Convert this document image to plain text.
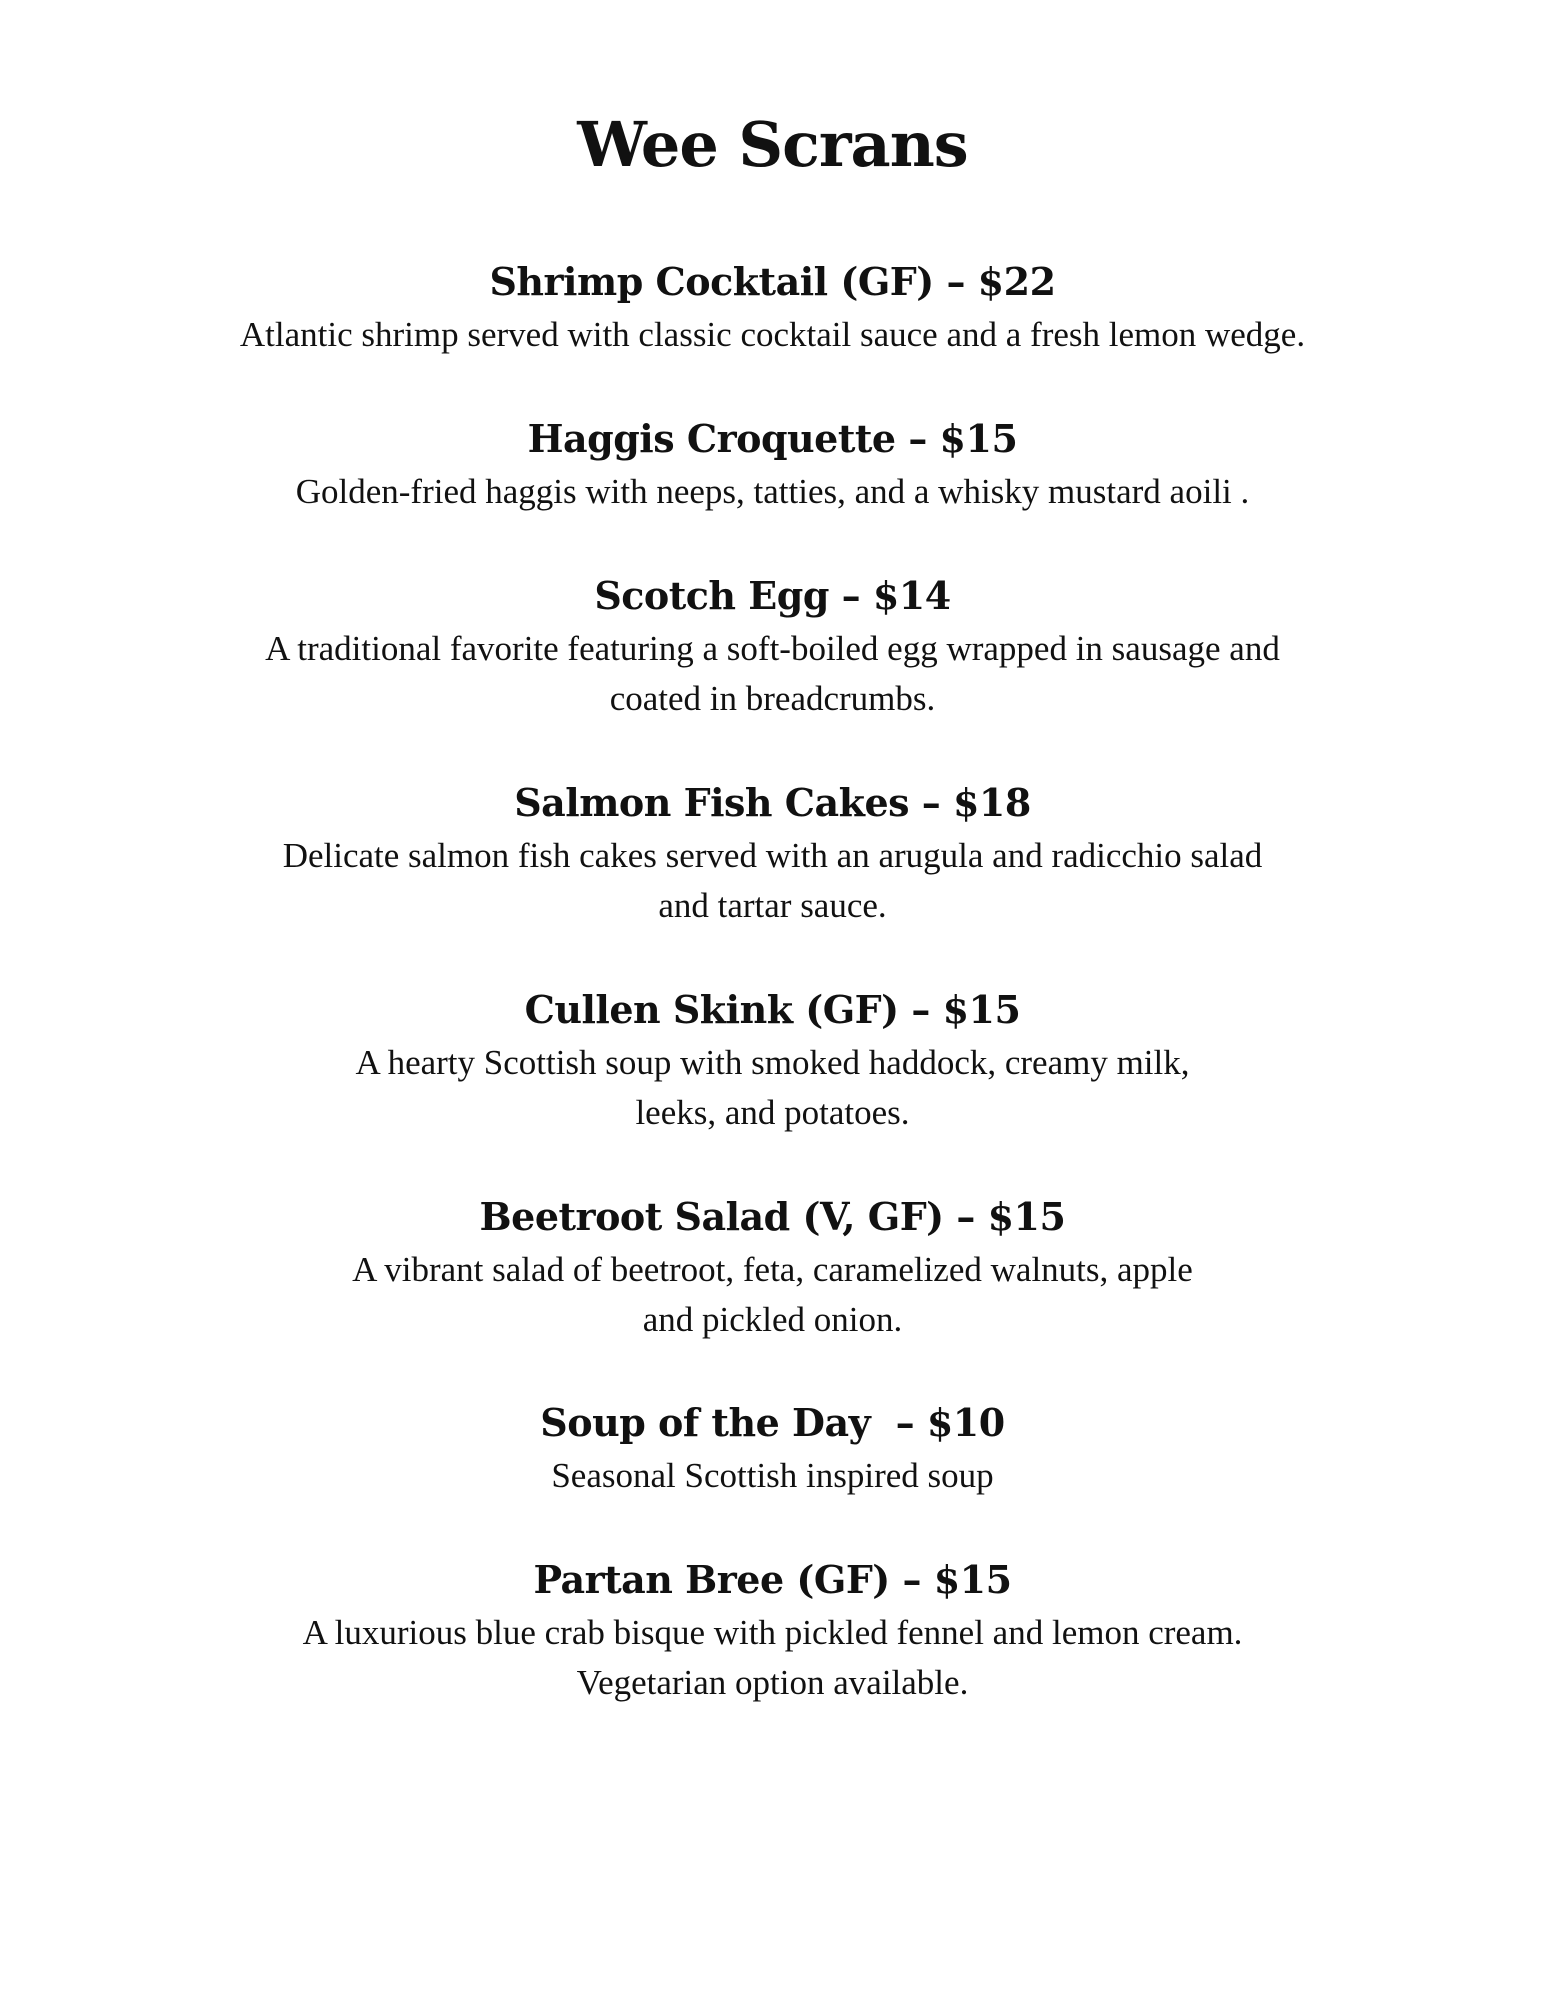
Wee Scrans
Shrimp Cocktail (GF) – $22
Atlantic shrimp served with classic cocktail sauce and a fresh lemon wedge.
Haggis Croquette – $15
Golden-fried haggis with neeps, tatties, and a whisky mustard aoili .
Scotch Egg – $14
A traditional favorite featuring a soft-boiled egg wrapped in sausage and
coated in breadcrumbs.
Salmon Fish Cakes – $18
Delicate salmon fish cakes served with an arugula and radicchio salad
and tartar sauce.
Cullen Skink (GF) – $15
A hearty Scottish soup with smoked haddock, creamy milk,
leeks, and potatoes.
Beetroot Salad (V, GF) – $15
A vibrant salad of beetroot, feta, caramelized walnuts, apple
and pickled onion.
Soup of the Day  – $10
Seasonal Scottish inspired soup
Partan Bree (GF) – $15
A luxurious blue crab bisque with pickled fennel and lemon cream.
Vegetarian option available.
